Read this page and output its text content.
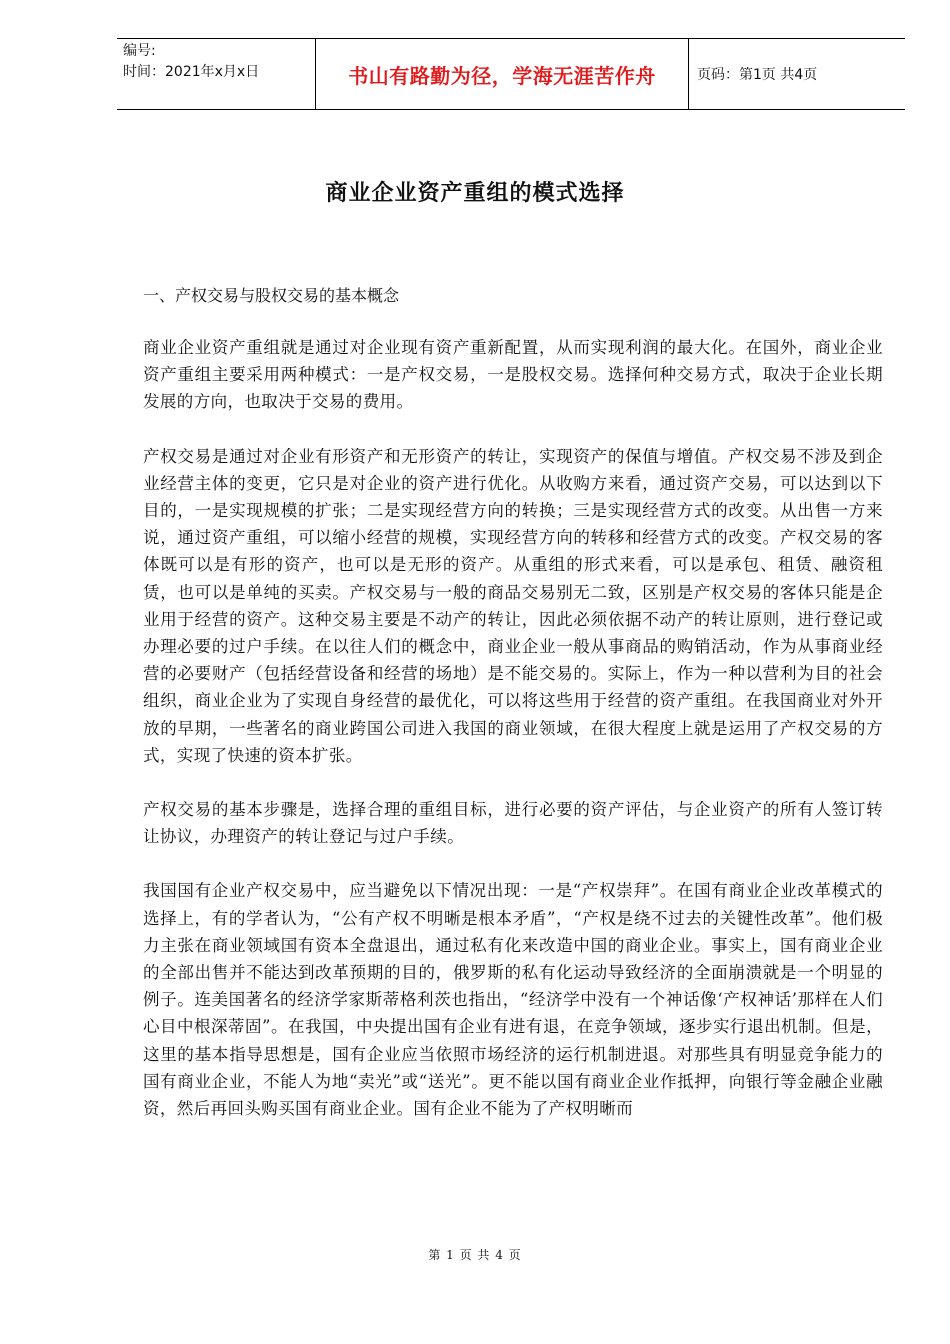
编号:
时间：2021年x月x日	书山有路勤为径，学海无涯苦作舟	页码：第1页 共4页
商业企业资产重组的模式选择
一、产权交易与股权交易的基本概念

商业企业资产重组就是通过对企业现有资产重新配置，从而实现利润的最大化。在国外，商业企业资产重组主要采用两种模式：一是产权交易，一是股权交易。选择何种交易方式，取决于企业长期发展的方向，也取决于交易的费用。

产权交易是通过对企业有形资产和无形资产的转让，实现资产的保值与增值。产权交易不涉及到企业经营主体的变更，它只是对企业的资产进行优化。从收购方来看，通过资产交易，可以达到以下目的，一是实现规模的扩张；二是实现经营方向的转换；三是实现经营方式的改变。从出售一方来说，通过资产重组，可以缩小经营的规模，实现经营方向的转移和经营方式的改变。产权交易的客体既可以是有形的资产，也可以是无形的资产。从重组的形式来看，可以是承包、租赁、融资租赁，也可以是单纯的买卖。产权交易与一般的商品交易别无二致，区别是产权交易的客体只能是企业用于经营的资产。这种交易主要是不动产的转让，因此必须依据不动产的转让原则，进行登记或办理必要的过户手续。在以往人们的概念中，商业企业一般从事商品的购销活动，作为从事商业经营的必要财产（包括经营设备和经营的场地）是不能交易的。实际上，作为一种以营利为目的社会组织，商业企业为了实现自身经营的最优化，可以将这些用于经营的资产重组。在我国商业对外开放的早期，一些著名的商业跨国公司进入我国的商业领域，在很大程度上就是运用了产权交易的方式，实现了快速的资本扩张。

产权交易的基本步骤是，选择合理的重组目标，进行必要的资产评估，与企业资产的所有人签订转让协议，办理资产的转让登记与过户手续。

我国国有企业产权交易中，应当避免以下情况出现：一是“产权崇拜”。在国有商业企业改革模式的选择上，有的学者认为，“公有产权不明晰是根本矛盾”，“产权是绕不过去的关键性改革”。他们极力主张在商业领域国有资本全盘退出，通过私有化来改造中国的商业企业。事实上，国有商业企业的全部出售并不能达到改革预期的目的，俄罗斯的私有化运动导致经济的全面崩溃就是一个明显的例子。连美国著名的经济学家斯蒂格利茨也指出，“经济学中没有一个神话像‘产权神话’那样在人们心目中根深蒂固”。在我国，中央提出国有企业有进有退，在竞争领域，逐步实行退出机制。但是，这里的基本指导思想是，国有企业应当依照市场经济的运行机制进退。对那些具有明显竞争能力的国有商业企业，不能人为地“卖光”或“送光”。更不能以国有商业企业作抵押，向银行等金融企业融资，然后再回头购买国有商业企业。国有企业不能为了产权明晰而

第 1 页 共 4 页
